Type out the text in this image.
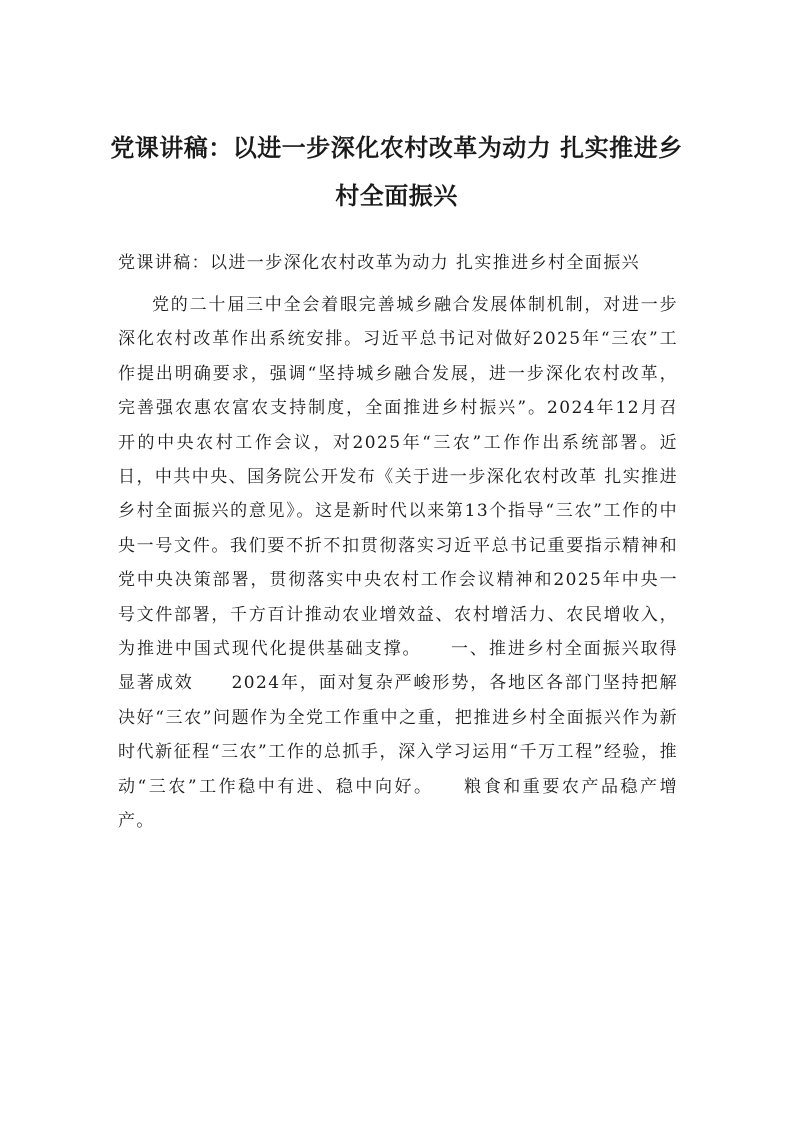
党课讲稿：以进一步深化农村改革为动力 扎实推进乡村全面振兴

党课讲稿：以进一步深化农村改革为动力 扎实推进乡村全面振兴

党的二十届三中全会着眼完善城乡融合发展体制机制，对进一步深化农村改革作出系统安排。习近平总书记对做好2025年“三农”工作提出明确要求，强调“坚持城乡融合发展，进一步深化农村改革，完善强农惠农富农支持制度，全面推进乡村振兴”。2024年12月召开的中央农村工作会议，对2025年“三农”工作作出系统部署。近日，中共中央、国务院公开发布《关于进一步深化农村改革 扎实推进乡村全面振兴的意见》。这是新时代以来第13个指导“三农”工作的中央一号文件。我们要不折不扣贯彻落实习近平总书记重要指示精神和党中央决策部署，贯彻落实中央农村工作会议精神和2025年中央一号文件部署，千方百计推动农业增效益、农村增活力、农民增收入，为推进中国式现代化提供基础支撑。　　一、推进乡村全面振兴取得显著成效　　2024年，面对复杂严峻形势，各地区各部门坚持把解决好“三农”问题作为全党工作重中之重，把推进乡村全面振兴作为新时代新征程“三农”工作的总抓手，深入学习运用“千万工程”经验，推动“三农”工作稳中有进、稳中向好。　　粮食和重要农产品稳产增产。
